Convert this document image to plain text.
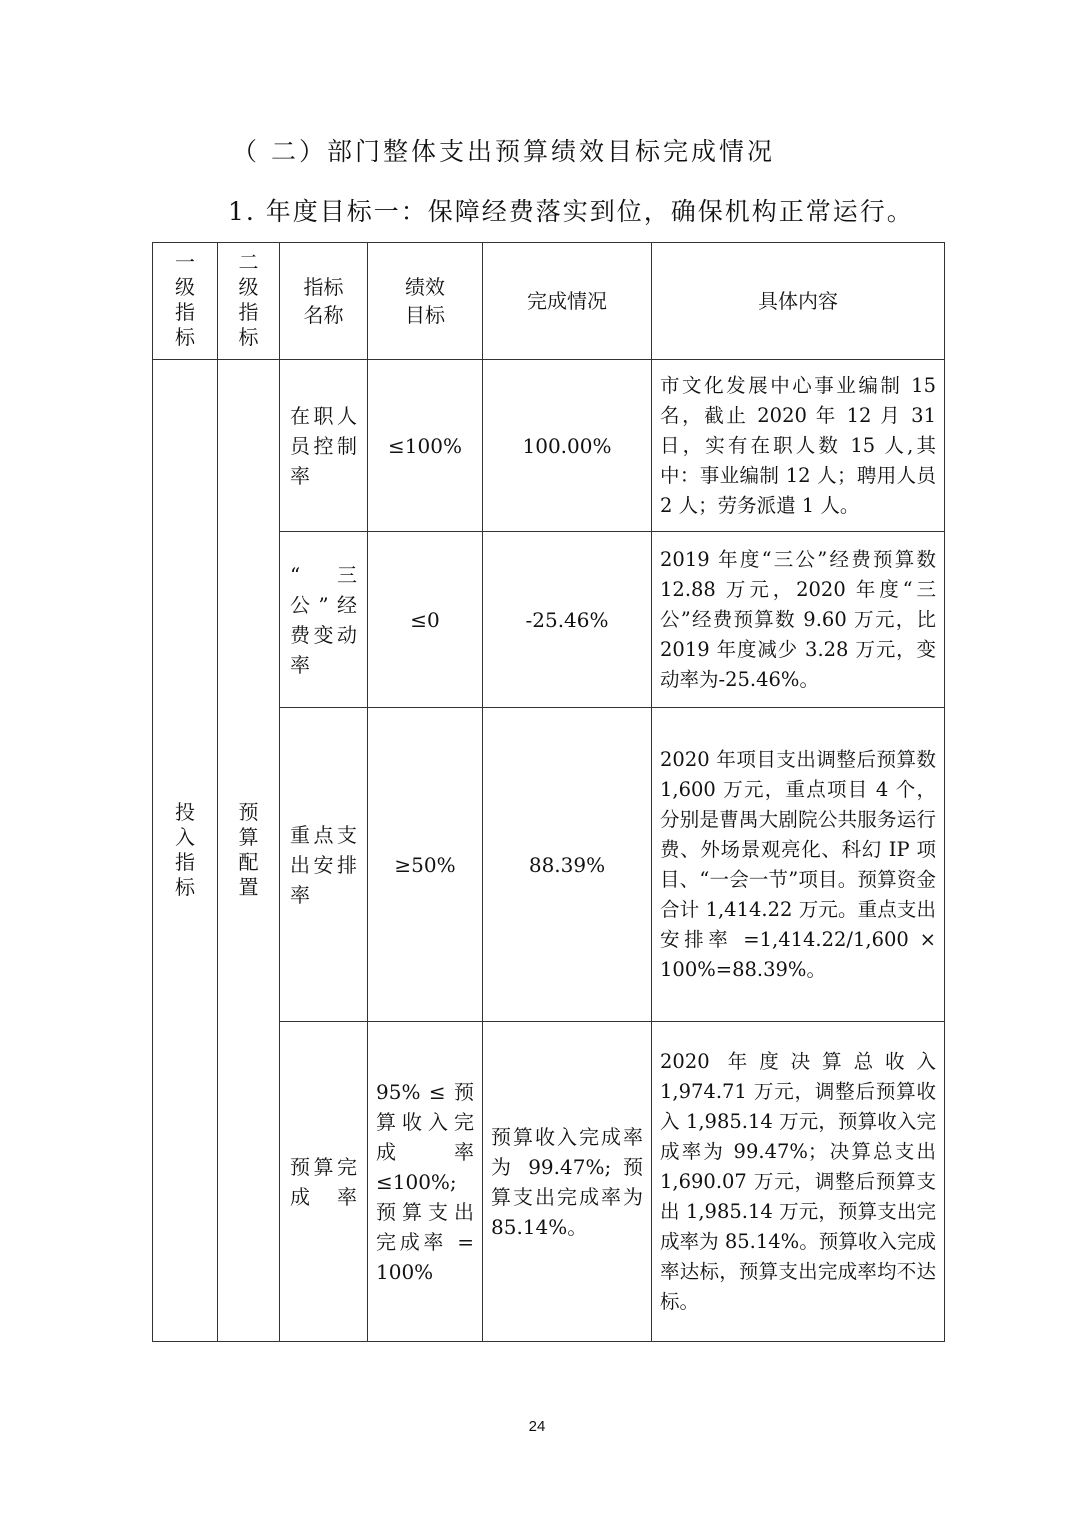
（ 二）部门整体支出预算绩效目标完成情况
1. 年度目标一：保障经费落实到位，确保机构正常运行。
一级指标	二级指标	指标名称	绩效目标	完成情况	具体内容
投入指标	预算配置	在职人员控制率	≤100%	100.00%	市文化发展中心事业编制 15 名，截止 2020 年 12 月 31 日，实有在职人数 15 人,其中：事业编制 12 人；聘用人员 2 人；劳务派遣 1 人。
		“三公”经费变动率	≤0	-25.46%	2019 年度“三公”经费预算数 12.88 万元，2020 年度“三公”经费预算数 9.60 万元，比 2019 年度减少 3.28 万元，变动率为-25.46%。
		重点支出安排率	≥50%	88.39%	2020 年项目支出调整后预算数 1,600 万元，重点项目 4 个，分别是曹禺大剧院公共服务运行费、外场景观亮化、科幻 IP 项目、“一会一节”项目。预算资金合计 1,414.22 万元。重点支出安排率 =1,414.22/1,600 × 100%=88.39%。
		预算完成率	95% ≤ 预算收入完成率≤100%; 预算支出完成率 = 100%	预算收入完成率为 99.47%; 预算支出完成率为 85.14%。	2020 年度决算总收入 1,974.71 万元，调整后预算收入 1,985.14 万元，预算收入完成率为 99.47%；决算总支出 1,690.07 万元，调整后预算支出 1,985.14 万元，预算支出完成率为 85.14%。预算收入完成率达标，预算支出完成率均不达标。
24
